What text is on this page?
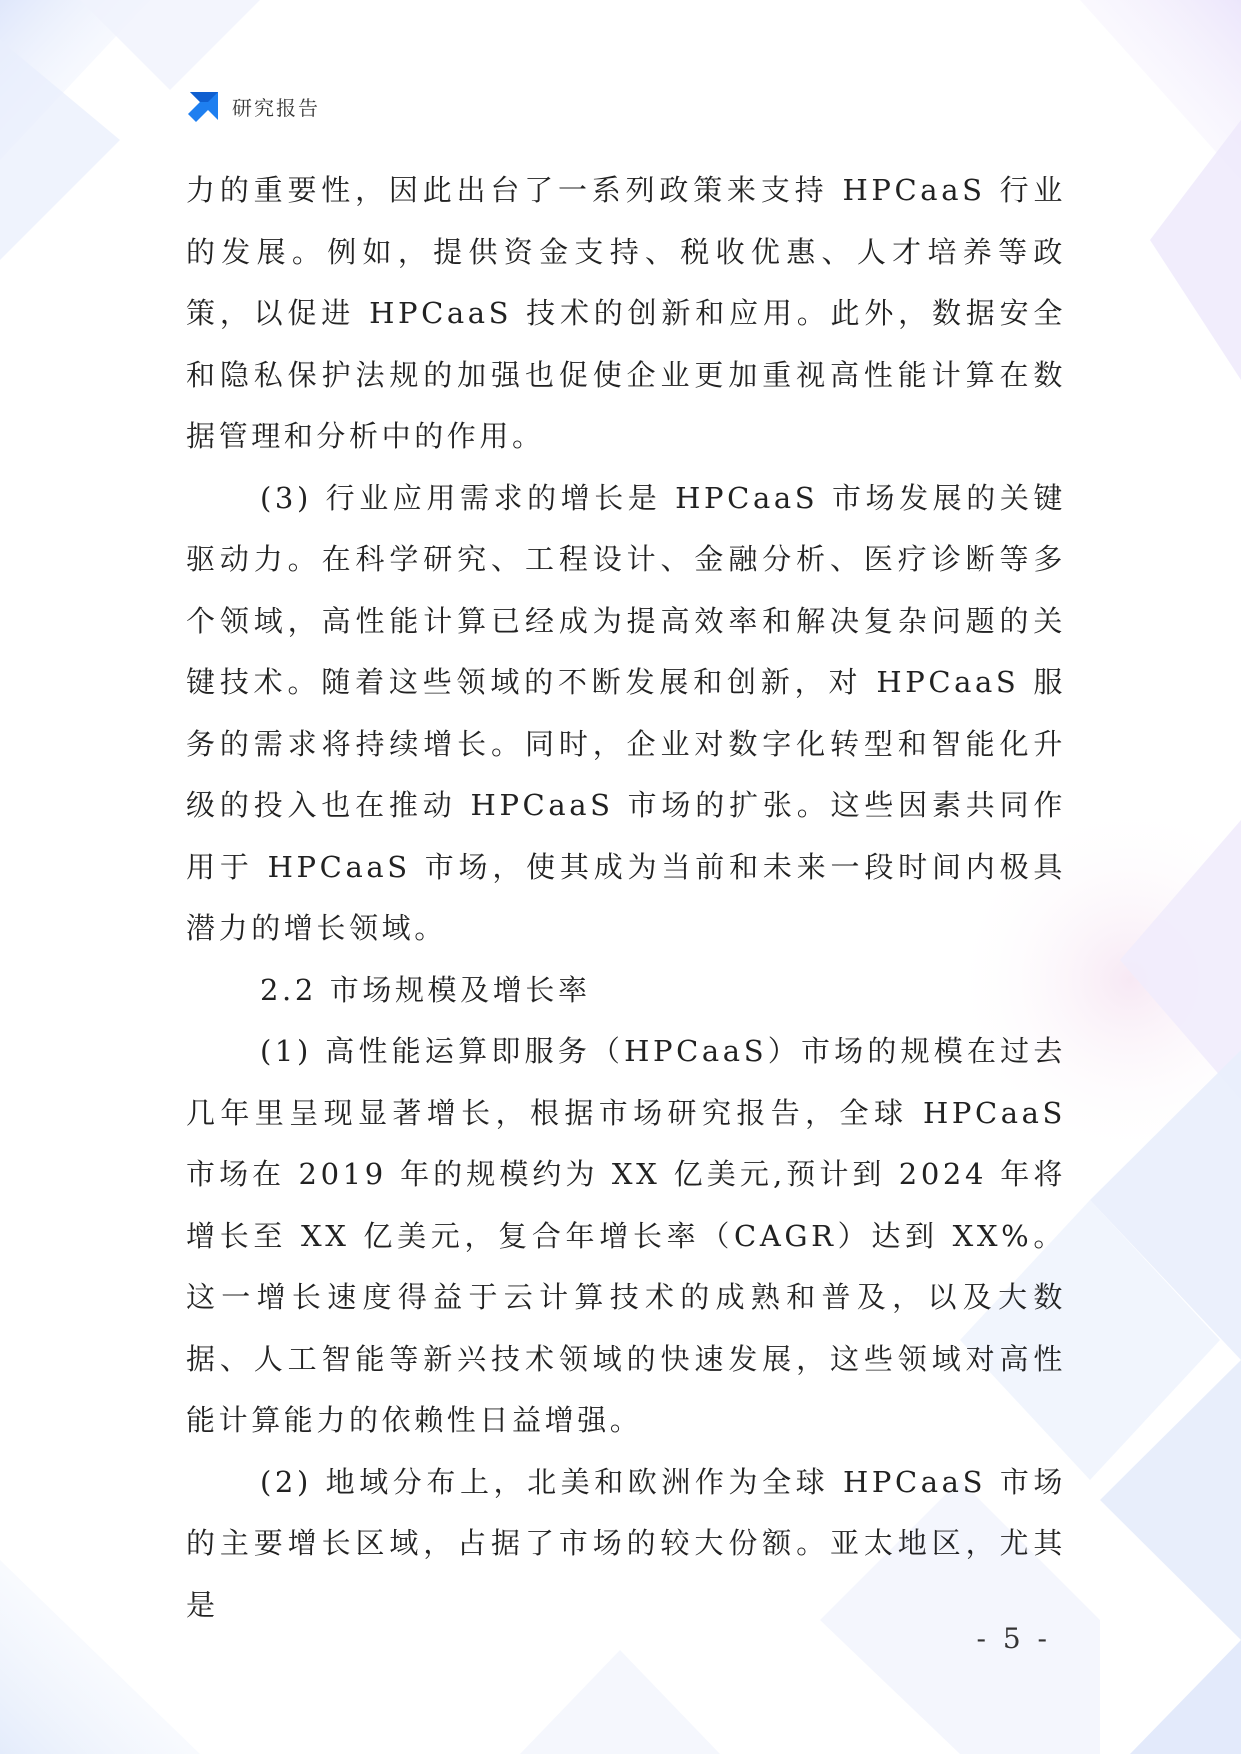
研究报告

力的重要性，因此出台了一系列政策来支持 HPCaaS 行业的发展。例如，提供资金支持、税收优惠、人才培养等政策，以促进 HPCaaS 技术的创新和应用。此外，数据安全和隐私保护法规的加强也促使企业更加重视高性能计算在数据管理和分析中的作用。

(3) 行业应用需求的增长是 HPCaaS 市场发展的关键驱动力。在科学研究、工程设计、金融分析、医疗诊断等多个领域，高性能计算已经成为提高效率和解决复杂问题的关键技术。随着这些领域的不断发展和创新，对 HPCaaS 服务的需求将持续增长。同时，企业对数字化转型和智能化升级的投入也在推动 HPCaaS 市场的扩张。这些因素共同作用于 HPCaaS 市场，使其成为当前和未来一段时间内极具潜力的增长领域。

2.2 市场规模及增长率

(1) 高性能运算即服务（HPCaaS）市场的规模在过去几年里呈现显著增长，根据市场研究报告，全球 HPCaaS 市场在 2019 年的规模约为 XX 亿美元,预计到 2024 年将增长至 XX 亿美元，复合年增长率（CAGR）达到 XX%。这一增长速度得益于云计算技术的成熟和普及，以及大数据、人工智能等新兴技术领域的快速发展，这些领域对高性能计算能力的依赖性日益增强。

(2) 地域分布上，北美和欧洲作为全球 HPCaaS 市场的主要增长区域，占据了市场的较大份额。亚太地区，尤其是

- 5 -
